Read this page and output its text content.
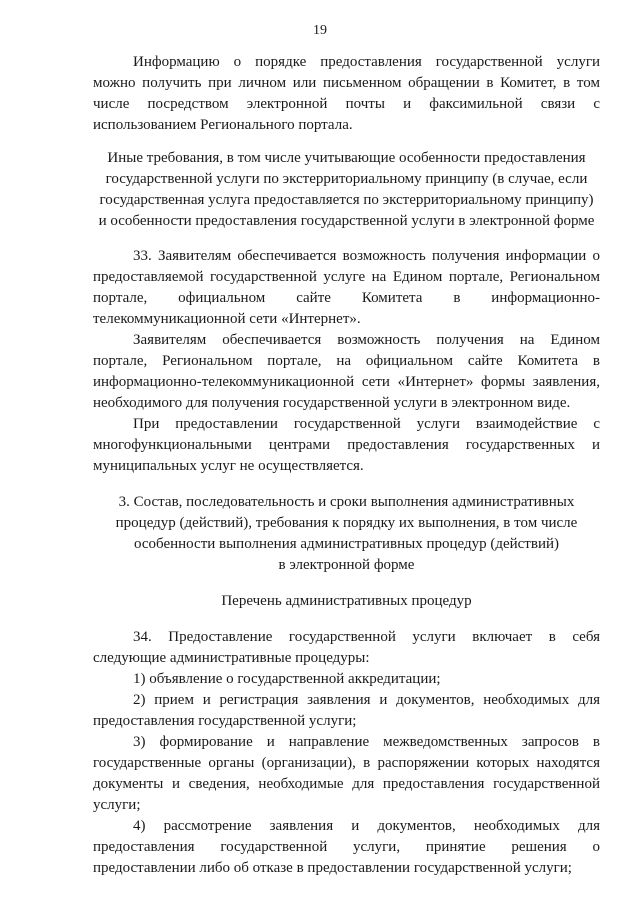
19

Информацию о порядке предоставления государственной услуги

можно получить при личном или письменном обращении в Комитет, в том

числе посредством электронной почты и факсимильной связи с

использованием Регионального портала.

Иные требования, в том числе учитывающие особенности предоставления

государственной услуги по экстерриториальному принципу (в случае, если

государственная услуга предоставляется по экстерриториальному принципу)

и особенности предоставления государственной услуги в электронной форме

33. Заявителям обеспечивается возможность получения информации о

предоставляемой государственной услуге на Едином портале, Региональном

портале, официальном сайте Комитета в информационно-

телекоммуникационной сети «Интернет».

Заявителям обеспечивается возможность получения на Едином

портале, Региональном портале, на официальном сайте Комитета в

информационно-телекоммуникационной сети «Интернет» формы заявления,

необходимого для получения государственной услуги в электронном виде.

При предоставлении государственной услуги взаимодействие с

многофункциональными центрами предоставления государственных и

муниципальных услуг не осуществляется.

3. Состав, последовательность и сроки выполнения административных

процедур (действий), требования к порядку их выполнения, в том числе

особенности выполнения административных процедур (действий)

в электронной форме

Перечень административных процедур

34. Предоставление государственной услуги включает в себя

следующие административные процедуры:

1) объявление о государственной аккредитации;

2) прием и регистрация заявления и документов, необходимых для

предоставления государственной услуги;

3) формирование и направление межведомственных запросов в

государственные органы (организации), в распоряжении которых находятся

документы и сведения, необходимые для предоставления государственной

услуги;

4) рассмотрение заявления и документов, необходимых для

предоставления государственной услуги, принятие решения о

предоставлении либо об отказе в предоставлении государственной услуги;
